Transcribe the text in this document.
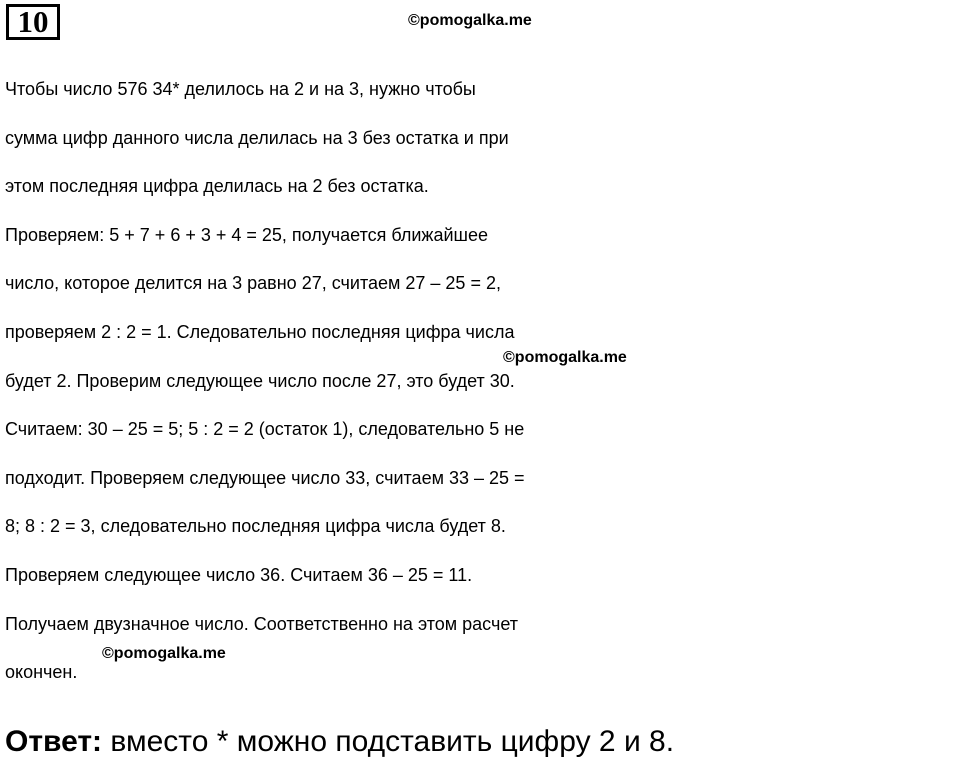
10	©pomogalka.me
Чтобы число 576 34* делилось на 2 и на 3, нужно чтобы
сумма цифр данного числа делилась на 3 без остатка и при
этом последняя цифра делилась на 2 без остатка.
Проверяем: 5 + 7 + 6 + 3 + 4 = 25, получается ближайшее
число, которое делится на 3 равно 27, считаем 27 – 25 = 2,
проверяем 2 : 2 = 1. Следовательно последняя цифра числа
будет 2. Проверим следующее число после 27, это будет 30.
Считаем: 30 – 25 = 5; 5 : 2 = 2 (остаток 1), следовательно 5 не
подходит. Проверяем следующее число 33, считаем 33 – 25 =
8; 8 : 2 = 3, следовательно последняя цифра числа будет 8.
Проверяем следующее число 36. Считаем 36 – 25 = 11.
Получаем двузначное число. Соответственно на этом расчет
окончен.
©pomogalka.me
©pomogalka.me
Ответ: вместо * можно подставить цифру 2 и 8.
